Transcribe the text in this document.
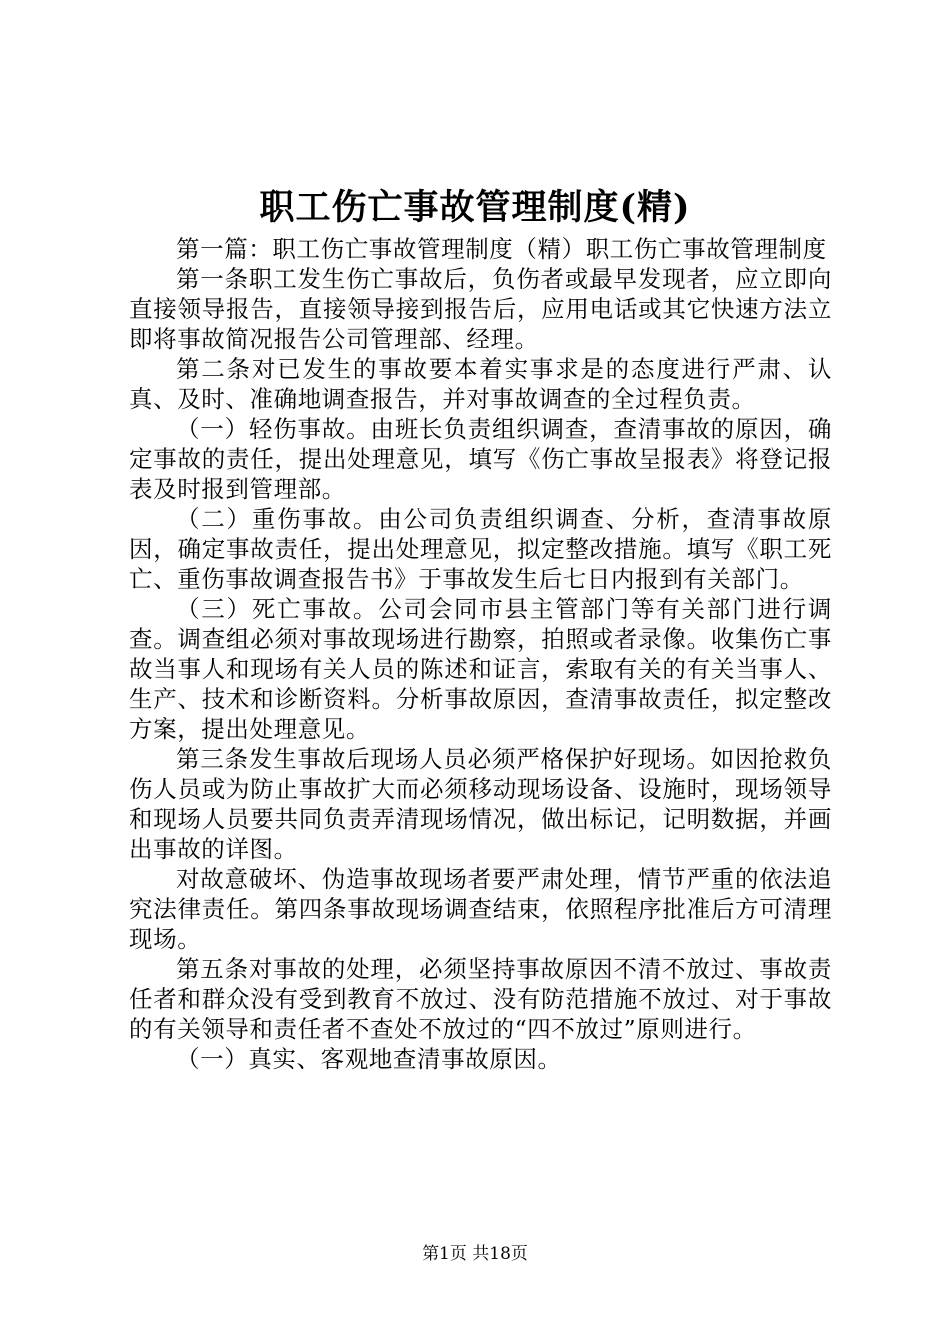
职工伤亡事故管理制度(精)

第一篇：职工伤亡事故管理制度（精）职工伤亡事故管理制度

第一条职工发生伤亡事故后，负伤者或最早发现者，应立即向直接领导报告，直接领导接到报告后，应用电话或其它快速方法立即将事故简况报告公司管理部、经理。

第二条对已发生的事故要本着实事求是的态度进行严肃、认真、及时、准确地调查报告，并对事故调查的全过程负责。

（一）轻伤事故。由班长负责组织调查，查清事故的原因，确定事故的责任，提出处理意见，填写《伤亡事故呈报表》将登记报表及时报到管理部。

（二）重伤事故。由公司负责组织调查、分析，查清事故原因，确定事故责任，提出处理意见，拟定整改措施。填写《职工死亡、重伤事故调查报告书》于事故发生后七日内报到有关部门。

（三）死亡事故。公司会同市县主管部门等有关部门进行调查。调查组必须对事故现场进行勘察，拍照或者录像。收集伤亡事故当事人和现场有关人员的陈述和证言，索取有关的有关当事人、生产、技术和诊断资料。分析事故原因，查清事故责任，拟定整改方案，提出处理意见。

第三条发生事故后现场人员必须严格保护好现场。如因抢救负伤人员或为防止事故扩大而必须移动现场设备、设施时，现场领导和现场人员要共同负责弄清现场情况，做出标记，记明数据，并画出事故的详图。

对故意破坏、伪造事故现场者要严肃处理，情节严重的依法追究法律责任。第四条事故现场调查结束，依照程序批准后方可清理现场。

第五条对事故的处理，必须坚持事故原因不清不放过、事故责任者和群众没有受到教育不放过、没有防范措施不放过、对于事故的有关领导和责任者不查处不放过的“四不放过”原则进行。

（一）真实、客观地查清事故原因。

第1页 共18页
